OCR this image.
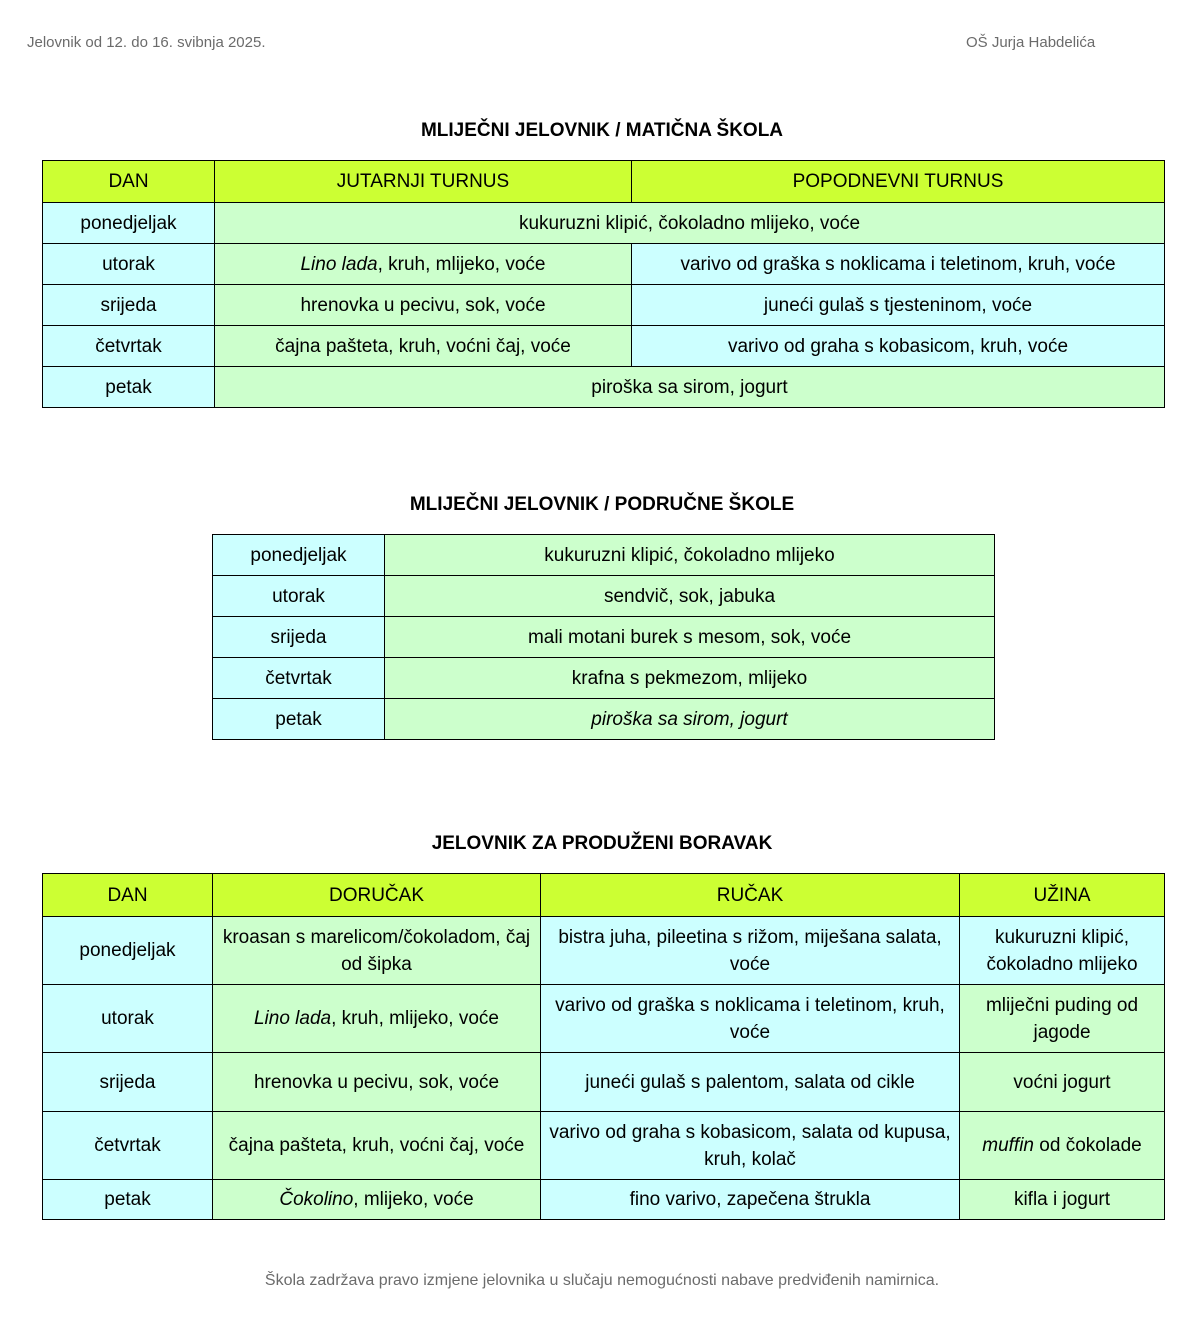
Jelovnik od 12. do 16. svibnja 2025.	OŠ Jurja Habdelića
MLIJEČNI JELOVNIK / MATIČNA ŠKOLA
DAN	JUTARNJI TURNUS	POPODNEVNI TURNUS
ponedjeljak	kukuruzni klipić, čokoladno mlijeko, voće	
utorak	Lino lada, kruh, mlijeko, voće	varivo od graška s noklicama i teletinom, kruh, voće
srijeda	hrenovka u pecivu, sok, voće	juneći gulaš s tjesteninom, voće
četvrtak	čajna pašteta, kruh, voćni čaj, voće	varivo od graha s kobasicom, kruh, voće
petak	piroška sa sirom, jogurt	
MLIJEČNI JELOVNIK / PODRUČNE ŠKOLE
ponedjeljak	kukuruzni klipić, čokoladno mlijeko
utorak	sendvič, sok, jabuka
srijeda	mali motani burek s mesom, sok, voće
četvrtak	krafna s pekmezom, mlijeko
petak	piroška sa sirom, jogurt
JELOVNIK ZA PRODUŽENI BORAVAK
DAN	DORUČAK	RUČAK	UŽINA
ponedjeljak	kroasan s marelicom/čokoladom, čaj od šipka	bistra juha, pileetina s rižom, miješana salata, voće	kukuruzni klipić, čokoladno mlijeko
utorak	Lino lada, kruh, mlijeko, voće	varivo od graška s noklicama i teletinom, kruh, voće	mliječni puding od jagode
srijeda	hrenovka u pecivu, sok, voće	juneći gulaš s palentom, salata od cikle	voćni jogurt
četvrtak	čajna pašteta, kruh, voćni čaj, voće	varivo od graha s kobasicom, salata od kupusa, kruh, kolač	muffin od čokolade
petak	Čokolino, mlijeko, voće	fino varivo, zapečena štrukla	kifla i jogurt
Škola zadržava pravo izmjene jelovnika u slučaju nemogućnosti nabave predviđenih namirnica.
